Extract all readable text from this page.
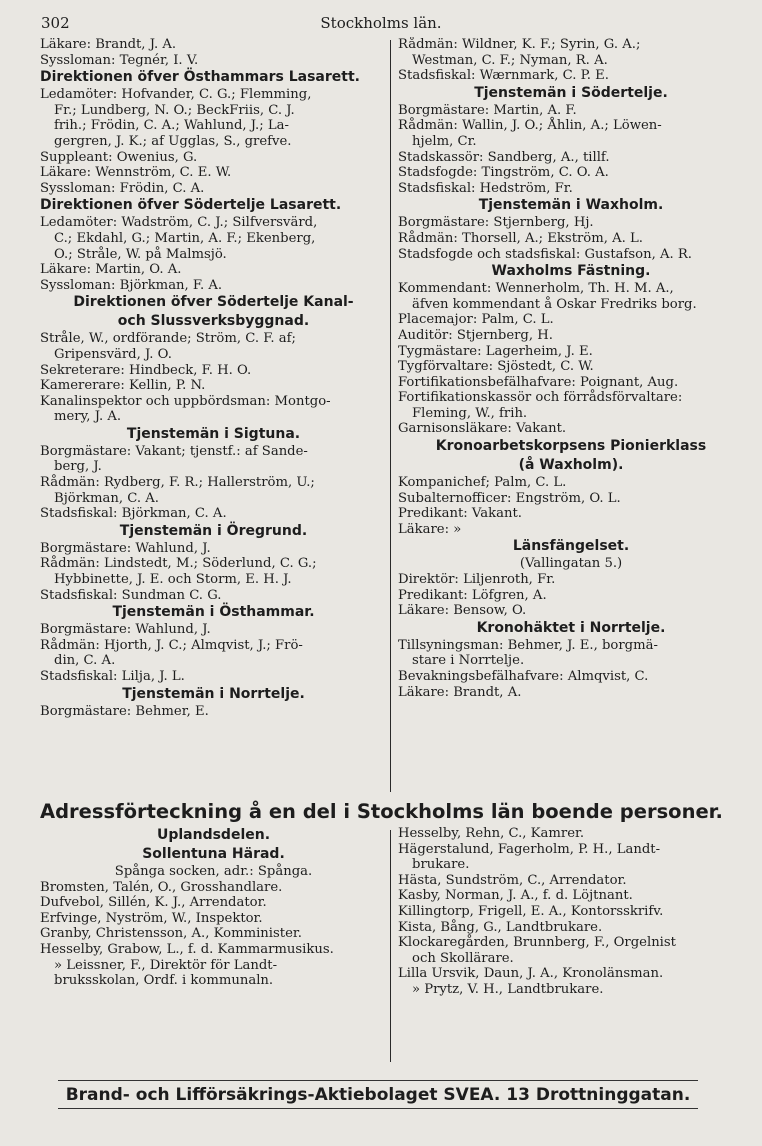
302	Stockholms län.
Läkare: Brandt, J. A.
Syssloman: Tegnér, I. V.
Direktionen öfver Östhammars Lasarett.
Ledamöter: Hofvander, C. G.; Flemming,
Fr.; Lundberg, N. O.; BeckFriis, C. J.
frih.; Frödin, C. A.; Wahlund, J.; La-
gergren, J. K.; af Ugglas, S., grefve.
Suppleant: Owenius, G.
Läkare: Wennström, C. E. W.
Syssloman: Frödin, C. A.
Direktionen öfver Södertelje Lasarett.
Ledamöter: Wadström, C. J.; Silfversvärd,
C.; Ekdahl, G.; Martin, A. F.; Ekenberg,
O.; Stråle, W. på Malmsjö.
Läkare: Martin, O. A.
Syssloman: Björkman, F. A.
Direktionen öfver Södertelje Kanal-
och Slussverksbyggnad.
Stråle, W., ordförande; Ström, C. F. af;
Gripensvärd, J. O.
Sekreterare: Hindbeck, F. H. O.
Kamererare: Kellin, P. N.
Kanalinspektor och uppbördsman: Montgo-
mery, J. A.
Tjenstemän i Sigtuna.
Borgmästare: Vakant; tjenstf.: af Sande-
berg, J.
Rådmän: Rydberg, F. R.; Hallerström, U.;
Björkman, C. A.
Stadsfiskal: Björkman, C. A.
Tjenstemän i Öregrund.
Borgmästare: Wahlund, J.
Rådmän: Lindstedt, M.; Söderlund, C. G.;
Hybbinette, J. E. och Storm, E. H. J.
Stadsfiskal: Sundman C. G.
Tjenstemän i Östhammar.
Borgmästare: Wahlund, J.
Rådmän: Hjorth, J. C.; Almqvist, J.; Frö-
din, C. A.
Stadsfiskal: Lilja, J. L.
Tjenstemän i Norrtelje.
Borgmästare: Behmer, E.
Rådmän: Wildner, K. F.; Syrin, G. A.;
Westman, C. F.; Nyman, R. A.
Stadsfiskal: Wærnmark, C. P. E.
Tjenstemän i Södertelje.
Borgmästare: Martin, A. F.
Rådmän: Wallin, J. O.; Åhlin, A.; Löwen-
hjelm, Cr.
Stadskassör: Sandberg, A., tillf.
Stadsfogde: Tingström, C. O. A.
Stadsfiskal: Hedström, Fr.
Tjenstemän i Waxholm.
Borgmästare: Stjernberg, Hj.
Rådmän: Thorsell, A.; Ekström, A. L.
Stadsfogde och stadsfiskal: Gustafson, A. R.
Waxholms Fästning.
Kommendant: Wennerholm, Th. H. M. A.,
äfven kommendant å Oskar Fredriks borg.
Placemajor: Palm, C. L.
Auditör: Stjernberg, H.
Tygmästare: Lagerheim, J. E.
Tygförvaltare: Sjöstedt, C. W.
Fortifikationsbefälhafvare: Poignant, Aug.
Fortifikationskassör och förrådsförvaltare:
Fleming, W., frih.
Garnisonsläkare: Vakant.
Kronoarbetskorpsens Pionierklass
(å Waxholm).
Kompanichef; Palm, C. L.
Subalternofficer: Engström, O. L.
Predikant: Vakant.
Läkare: »
Länsfängelset.
(Vallingatan 5.)
Direktör: Liljenroth, Fr.
Predikant: Löfgren, A.
Läkare: Bensow, O.
Kronohäktet i Norrtelje.
Tillsyningsman: Behmer, J. E., borgmä-
stare i Norrtelje.
Bevakningsbefälhafvare: Almqvist, C.
Läkare: Brandt, A.
Adressförteckning å en del i Stockholms län boende personer.
Uplandsdelen.
Sollentuna Härad.
Spånga socken, adr.: Spånga.
Bromsten, Talén, O., Grosshandlare.
Dufvebol, Sillén, K. J., Arrendator.
Erfvinge, Nyström, W., Inspektor.
Granby, Christensson, A., Komminister.
Hesselby, Grabow, L., f. d. Kammarmusikus.
» Leissner, F., Direktör för Landt-
bruksskolan, Ordf. i kommunaln.
Hesselby, Rehn, C., Kamrer.
Hägerstalund, Fagerholm, P. H., Landt-
brukare.
Hästa, Sundström, C., Arrendator.
Kasby, Norman, J. A., f. d. Löjtnant.
Killingtorp, Frigell, E. A., Kontorsskrifv.
Kista, Bång, G., Landtbrukare.
Klockaregården, Brunnberg, F., Orgelnist
och Skollärare.
Lilla Ursvik, Daun, J. A., Kronolänsman.
» Prytz, V. H., Landtbrukare.
Brand- och Lifförsäkrings-Aktiebolaget SVEA. 13 Drottninggatan.
